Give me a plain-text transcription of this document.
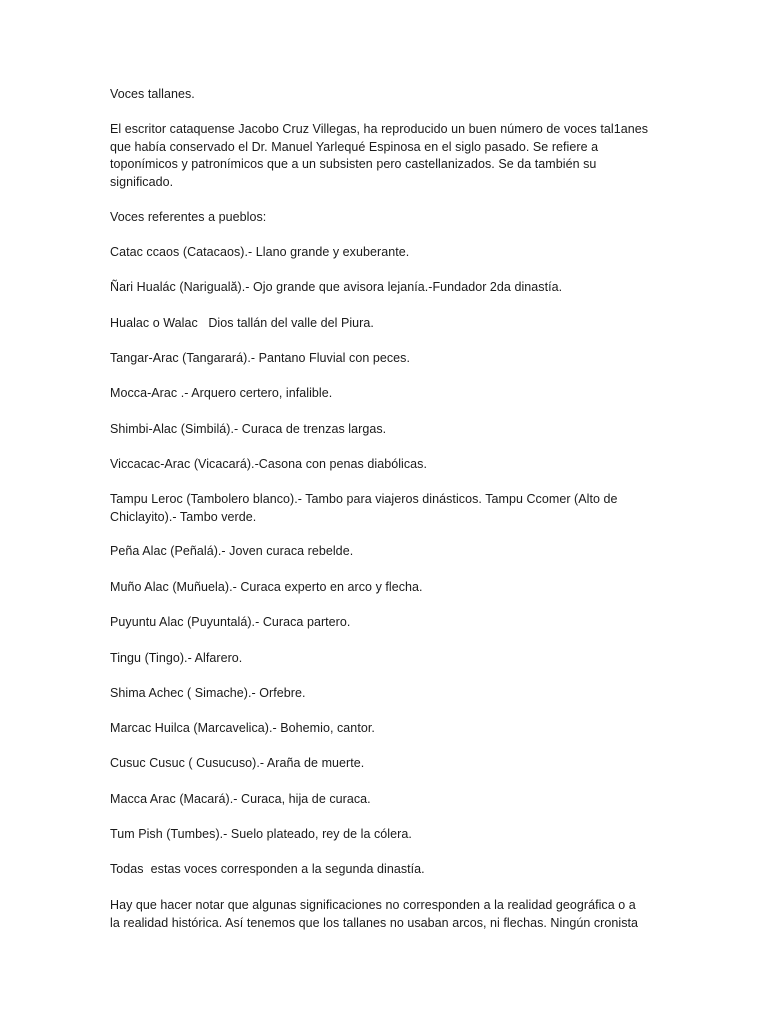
Voces tallanes.

El escritor cataquense Jacobo Cruz Villegas, ha reproducido un buen número de voces tal1anes
que había conservado el Dr. Manuel Yarlequé Espinosa en el siglo pasado. Se refiere a
toponímicos y patronímicos que a un subsisten pero castellanizados. Se da también su
significado.

Voces referentes a pueblos:

Catac ccaos (Catacaos).- Llano grande y exuberante.

Ñari Hualác (Nariguală).- Ojo grande que avisora lejanía.-Fundador 2da dinastía.

Hualac o Walac   Dios tallán del valle del Piura.

Tangar-Arac (Tangarará).- Pantano Fluvial con peces.

Mocca-Arac .- Arquero certero, infalible.

Shimbi-Alac (Simbilá).- Curaca de trenzas largas.

Viccacac-Arac (Vicacará).-Casona con penas diabólicas.

Tampu Leroc (Tambolero blanco).- Tambo para viajeros dinásticos. Tampu Ccomer (Alto de
Chiclayito).- Tambo verde.

Peña Alac (Peñalá).- Joven curaca rebelde.

Muño Alac (Muñuela).- Curaca experto en arco y flecha.

Puyuntu Alac (Puyuntalá).- Curaca partero.

Tingu (Tingo).- Alfarero.

Shima Achec ( Simache).- Orfebre.

Marcac Huilca (Marcavelica).- Bohemio, cantor.

Cusuc Cusuc ( Cusucuso).- Araña de muerte.

Macca Arac (Macará).- Curaca, hija de curaca.

Tum Pish (Tumbes).- Suelo plateado, rey de la cólera.

Todas  estas voces corresponden a la segunda dinastía.

Hay que hacer notar que algunas significaciones no corresponden a la realidad geográfica o a
la realidad histórica. Así tenemos que los tallanes no usaban arcos, ni flechas. Ningún cronista
